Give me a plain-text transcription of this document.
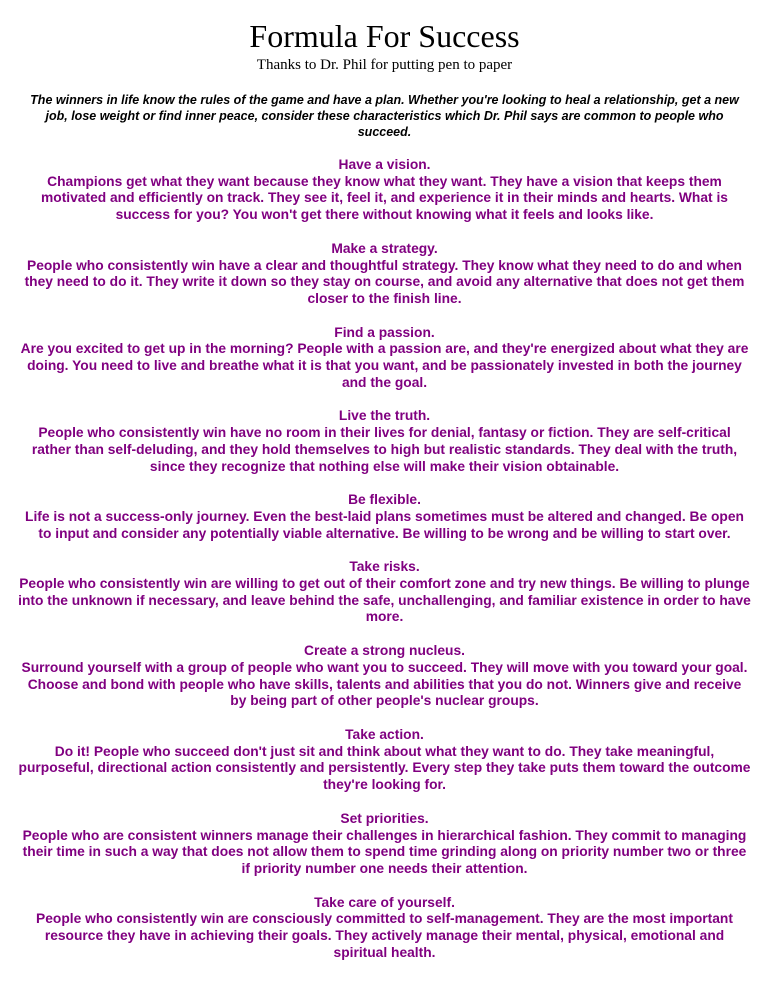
Formula For Success
Thanks to Dr. Phil for putting pen to paper

The winners in life know the rules of the game and have a plan. Whether you're looking to heal a relationship, get a new job, lose weight or find inner peace, consider these characteristics which Dr. Phil says are common to people who succeed.

Have a vision.
Champions get what they want because they know what they want. They have a vision that keeps them motivated and efficiently on track. They see it, feel it, and experience it in their minds and hearts. What is success for you? You won't get there without knowing what it feels and looks like.
Make a strategy.
People who consistently win have a clear and thoughtful strategy. They know what they need to do and when they need to do it. They write it down so they stay on course, and avoid any alternative that does not get them closer to the finish line.
Find a passion.
Are you excited to get up in the morning? People with a passion are, and they're energized about what they are doing. You need to live and breathe what it is that you want, and be passionately invested in both the journey and the goal.
Live the truth.
People who consistently win have no room in their lives for denial, fantasy or fiction. They are self-critical rather than self-deluding, and they hold themselves to high but realistic standards. They deal with the truth, since they recognize that nothing else will make their vision obtainable.
Be flexible.
Life is not a success-only journey. Even the best-laid plans sometimes must be altered and changed. Be open to input and consider any potentially viable alternative. Be willing to be wrong and be willing to start over.
Take risks.
People who consistently win are willing to get out of their comfort zone and try new things. Be willing to plunge into the unknown if necessary, and leave behind the safe, unchallenging, and familiar existence in order to have more.
Create a strong nucleus.
Surround yourself with a group of people who want you to succeed. They will move with you toward your goal. Choose and bond with people who have skills, talents and abilities that you do not. Winners give and receive by being part of other people's nuclear groups.
Take action.
Do it! People who succeed don't just sit and think about what they want to do. They take meaningful, purposeful, directional action consistently and persistently. Every step they take puts them toward the outcome they're looking for.
Set priorities.
People who are consistent winners manage their challenges in hierarchical fashion. They commit to managing their time in such a way that does not allow them to spend time grinding along on priority number two or three if priority number one needs their attention.
Take care of yourself.
People who consistently win are consciously committed to self-management. They are the most important resource they have in achieving their goals. They actively manage their mental, physical, emotional and spiritual health.
